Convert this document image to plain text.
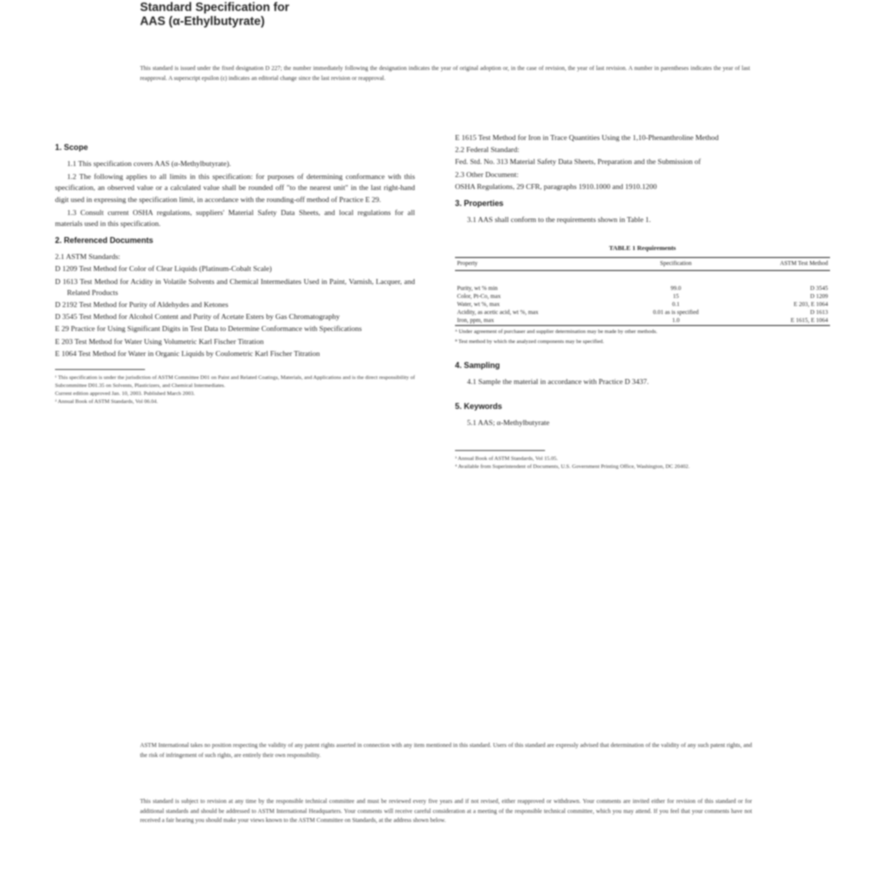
Standard Specification for
AAS (α-Ethylbutyrate)
This standard is issued under the fixed designation D 227; the number immediately following the designation indicates the year of original adoption or, in the case of revision, the year of last revision. A number in parentheses indicates the year of last reapproval. A superscript epsilon (ε) indicates an editorial change since the last revision or reapproval.
1. Scope

1.1 This specification covers AAS (α-Methylbutyrate).

1.2 The following applies to all limits in this specification: for purposes of determining conformance with this specification, an observed value or a calculated value shall be rounded off "to the nearest unit" in the last right-hand digit used in expressing the specification limit, in accordance with the rounding-off method of Practice E 29.

1.3 Consult current OSHA regulations, suppliers' Material Safety Data Sheets, and local regulations for all materials used in this specification.

2. Referenced Documents

2.1 ASTM Standards:

D 1209 Test Method for Color of Clear Liquids (Platinum-Cobalt Scale)

D 1613 Test Method for Acidity in Volatile Solvents and Chemical Intermediates Used in Paint, Varnish, Lacquer, and Related Products

D 2192 Test Method for Purity of Aldehydes and Ketones

D 3545 Test Method for Alcohol Content and Purity of Acetate Esters by Gas Chromatography

E 29 Practice for Using Significant Digits in Test Data to Determine Conformance with Specifications

E 203 Test Method for Water Using Volumetric Karl Fischer Titration

E 1064 Test Method for Water in Organic Liquids by Coulometric Karl Fischer Titration

¹ This specification is under the jurisdiction of ASTM Committee D01 on Paint and Related Coatings, Materials, and Applications and is the direct responsibility of Subcommittee D01.35 on Solvents, Plasticizers, and Chemical Intermediates.

Current edition approved Jan. 10, 2003. Published March 2003.

² Annual Book of ASTM Standards, Vol 06.04.

E 1615 Test Method for Iron in Trace Quantities Using the 1,10-Phenanthroline Method

2.2 Federal Standard:

Fed. Std. No. 313 Material Safety Data Sheets, Preparation and the Submission of

2.3 Other Document:

OSHA Regulations, 29 CFR, paragraphs 1910.1000 and 1910.1200

3. Properties

3.1 AAS shall conform to the requirements shown in Table 1.

TABLE 1 Requirements
Property	Specification	ASTM Test Method

Purity, wt % min	99.0	D 3545
Color, Pt-Co, max	15	D 1209
Water, wt %, max	0.1	E 203, E 1064
Acidity, as acetic acid, wt %, max	0.01 as is specified	D 1613
Iron, ppm, max	1.0	E 1615, E 1064

ᴬ Under agreement of purchaser and supplier determination may be made by other methods.

ᴮ Test method by which the analyzed components may be specified.

4. Sampling

4.1 Sample the material in accordance with Practice D 3437.

5. Keywords

5.1 AAS; α-Methylbutyrate

³ Annual Book of ASTM Standards, Vol 15.05.

⁴ Available from Superintendent of Documents, U.S. Government Printing Office, Washington, DC 20402.

ASTM International takes no position respecting the validity of any patent rights asserted in connection with any item mentioned in this standard. Users of this standard are expressly advised that determination of the validity of any such patent rights, and the risk of infringement of such rights, are entirely their own responsibility.
This standard is subject to revision at any time by the responsible technical committee and must be reviewed every five years and if not revised, either reapproved or withdrawn. Your comments are invited either for revision of this standard or for additional standards and should be addressed to ASTM International Headquarters. Your comments will receive careful consideration at a meeting of the responsible technical committee, which you may attend. If you feel that your comments have not received a fair hearing you should make your views known to the ASTM Committee on Standards, at the address shown below.
